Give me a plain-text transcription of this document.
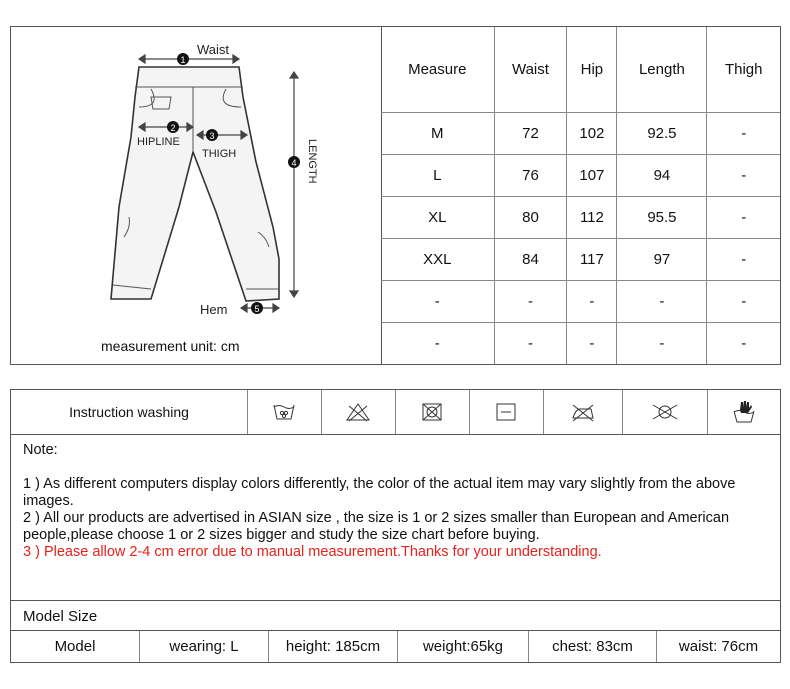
1
2
3
4
5
Waist
HIPLINE
THIGH	LENGTH
Hem
measurement unit: cm
Measure	Waist	Hip	Length	Thigh
M	72	102	92.5	-
L	76	107	94	-
XL	80	112	95.5	-
XXL	84	117	97	-
-	-	-	-	-
-	-	-	-	-
Instruction washing	

Note:

1 ) As different computers display colors differently, the color of the actual item may vary slightly from the above images.

2 ) All our products are advertised in ASIAN size , the size is 1 or 2 sizes smaller than European and American people,please choose 1 or 2 sizes bigger and study the size chart before buying.

3 ) Please allow 2-4 cm error due to manual measurement.Thanks for your understanding.

Model Size
Model	wearing: L	height: 185cm	weight:65kg	chest: 83cm	waist: 76cm
